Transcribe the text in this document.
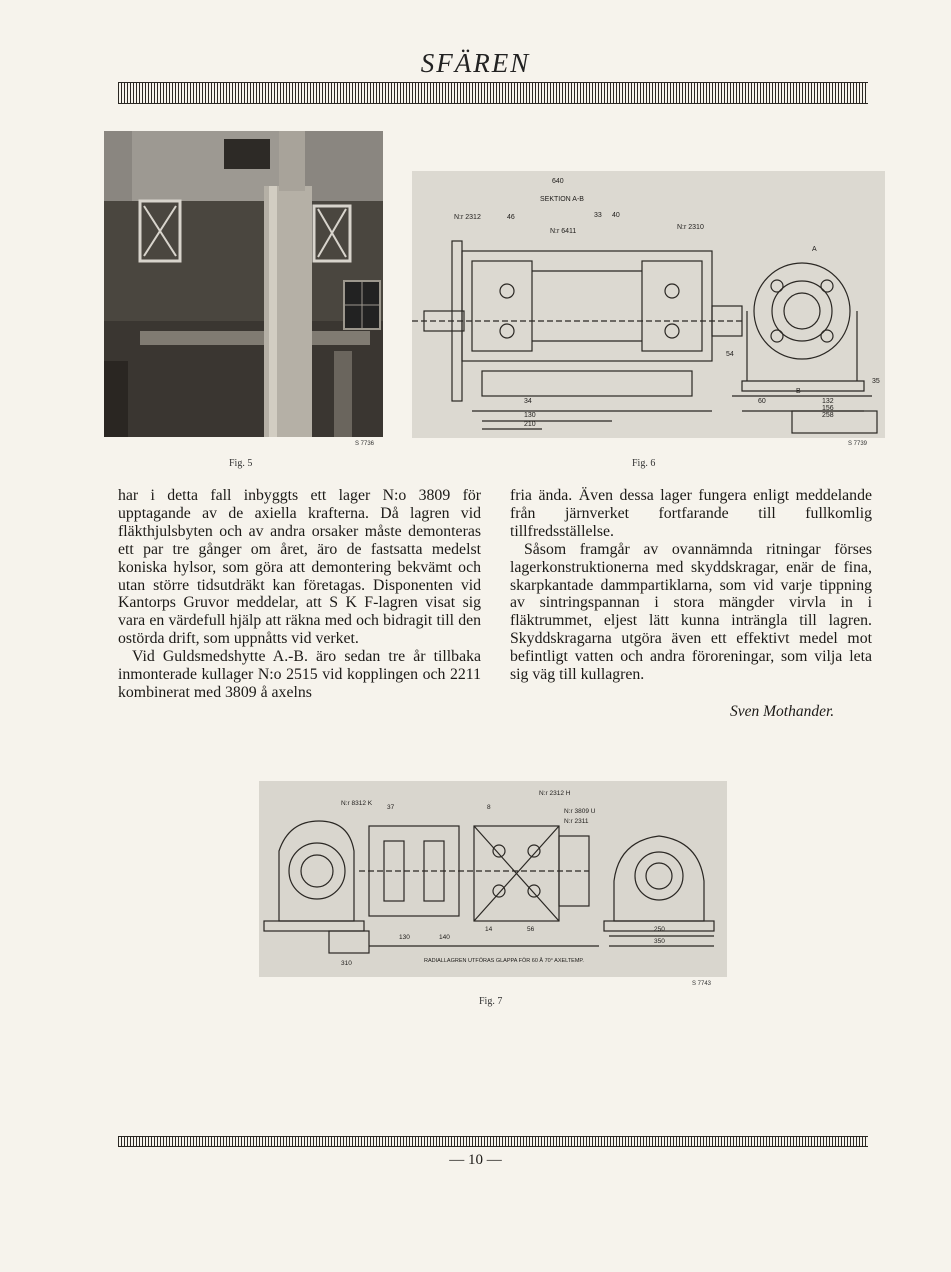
SFÄREN
S 7736
Fig. 5
SEKTION A-B
640
N:r 2312
N:r 6411
N:r 2310
A
B
54
132
156
258
35
46	33 40
34
130
210
60
S 7739
Fig. 6

har i detta fall inbyggts ett lager N:o 3809 för upptagande av de axiella krafterna. Då lagren vid fläkthjulsbyten och av andra orsaker måste demonteras ett par tre gånger om året, äro de fastsatta medelst koniska hylsor, som göra att demontering bekvämt och utan större tidsutdräkt kan företagas. Disponenten vid Kantorps Gruvor meddelar, att S K F-lagren visat sig vara en värdefull hjälp att räkna med och bidragit till den ostörda drift, som uppnåtts vid verket.

Vid Guldsmedshytte A.-B. äro sedan tre år tillbaka inmonterade kullager N:o 2515 vid kopplingen och 2211 kombinerat med 3809 å axelns

fria ända. Även dessa lager fungera enligt meddelande från järnverket fortfarande till fullkomlig tillfredsställelse.

Såsom framgår av ovannämnda ritningar förses lagerkonstruktionerna med skyddskragar, enär de fina, skarpkantade dammpartiklarna, som vid varje tippning av sintringspannan i stora mängder virvla in i fläktrummet, eljest lätt kunna inträngla till lagren. Skyddskragarna utgöra även ett effektivt medel mot befintligt vatten och andra föroreningar, som vilja leta sig väg till kullagren.

Sven Mothander.
N:r 8312 K
N:r 2312 H
N:r 3809 U
N:r 2311
37	8
56	250
350
14
310
130	140
RADIALLAGREN UTFÖRAS GLAPPA FÖR 60 Å 70° AXELTEMP.
S 7743
Fig. 7
— 10 —
